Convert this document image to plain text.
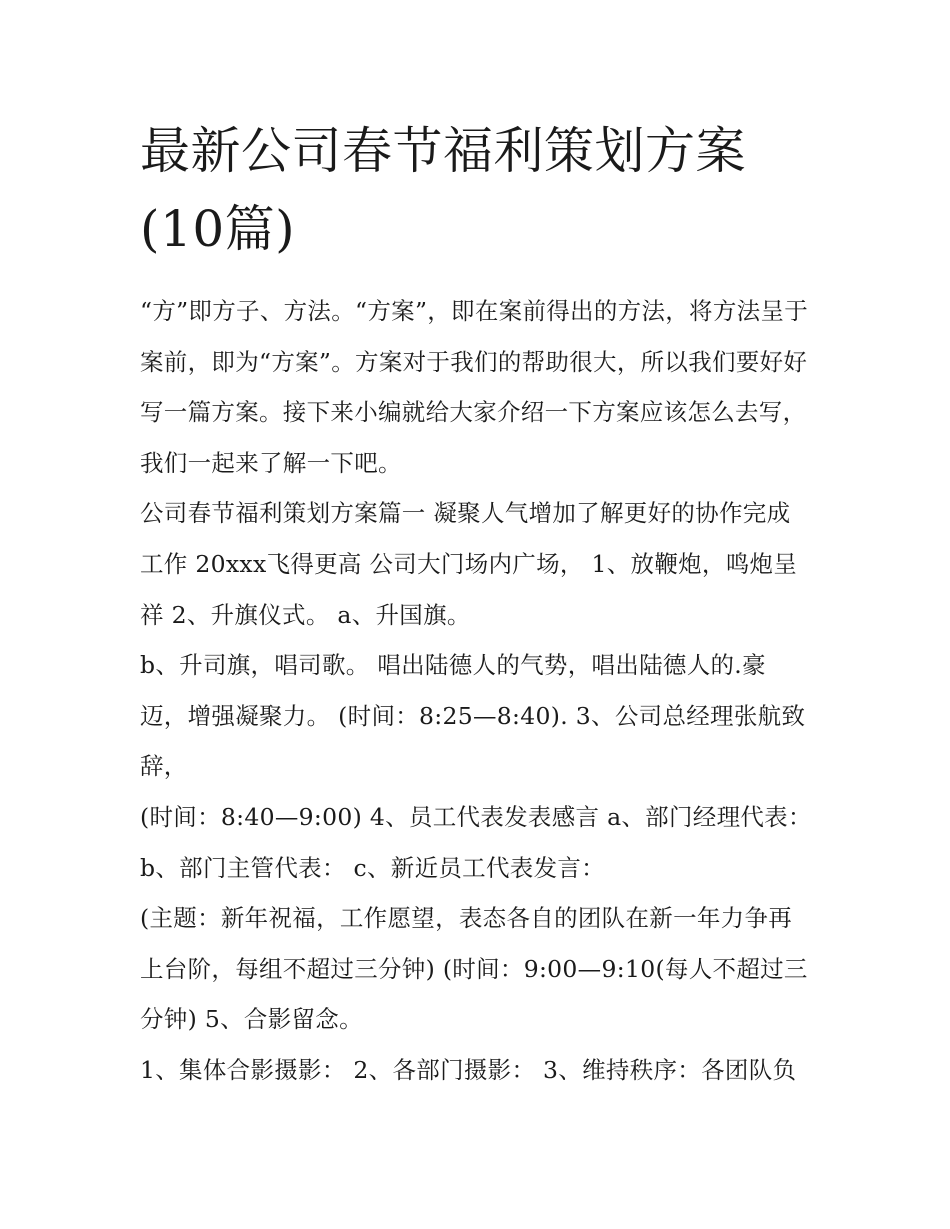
最新公司春节福利策划方案(10篇)

“方”即方子、方法。“方案”，即在案前得出的方法，将方法呈于案前，即为“方案”。方案对于我们的帮助很大，所以我们要好好写一篇方案。接下来小编就给大家介绍一下方案应该怎么去写，我们一起来了解一下吧。

公司春节福利策划方案篇一 凝聚人气增加了解更好的协作完成工作 20xxx飞得更高 公司大门场内广场， 1、放鞭炮，鸣炮呈祥 2、升旗仪式。 a、升国旗。

b、升司旗，唱司歌。 唱出陆德人的气势，唱出陆德人的.豪迈，增强凝聚力。 (时间：8:25—8:40). 3、公司总经理张航致辞，

(时间：8:40—9:00) 4、员工代表发表感言 a、部门经理代表：

b、部门主管代表： c、新近员工代表发言：

(主题：新年祝福，工作愿望，表态各自的团队在新一年力争再上台阶，每组不超过三分钟) (时间：9:00—9:10(每人不超过三分钟) 5、合影留念。

1、集体合影摄影： 2、各部门摄影： 3、维持秩序：各团队负
